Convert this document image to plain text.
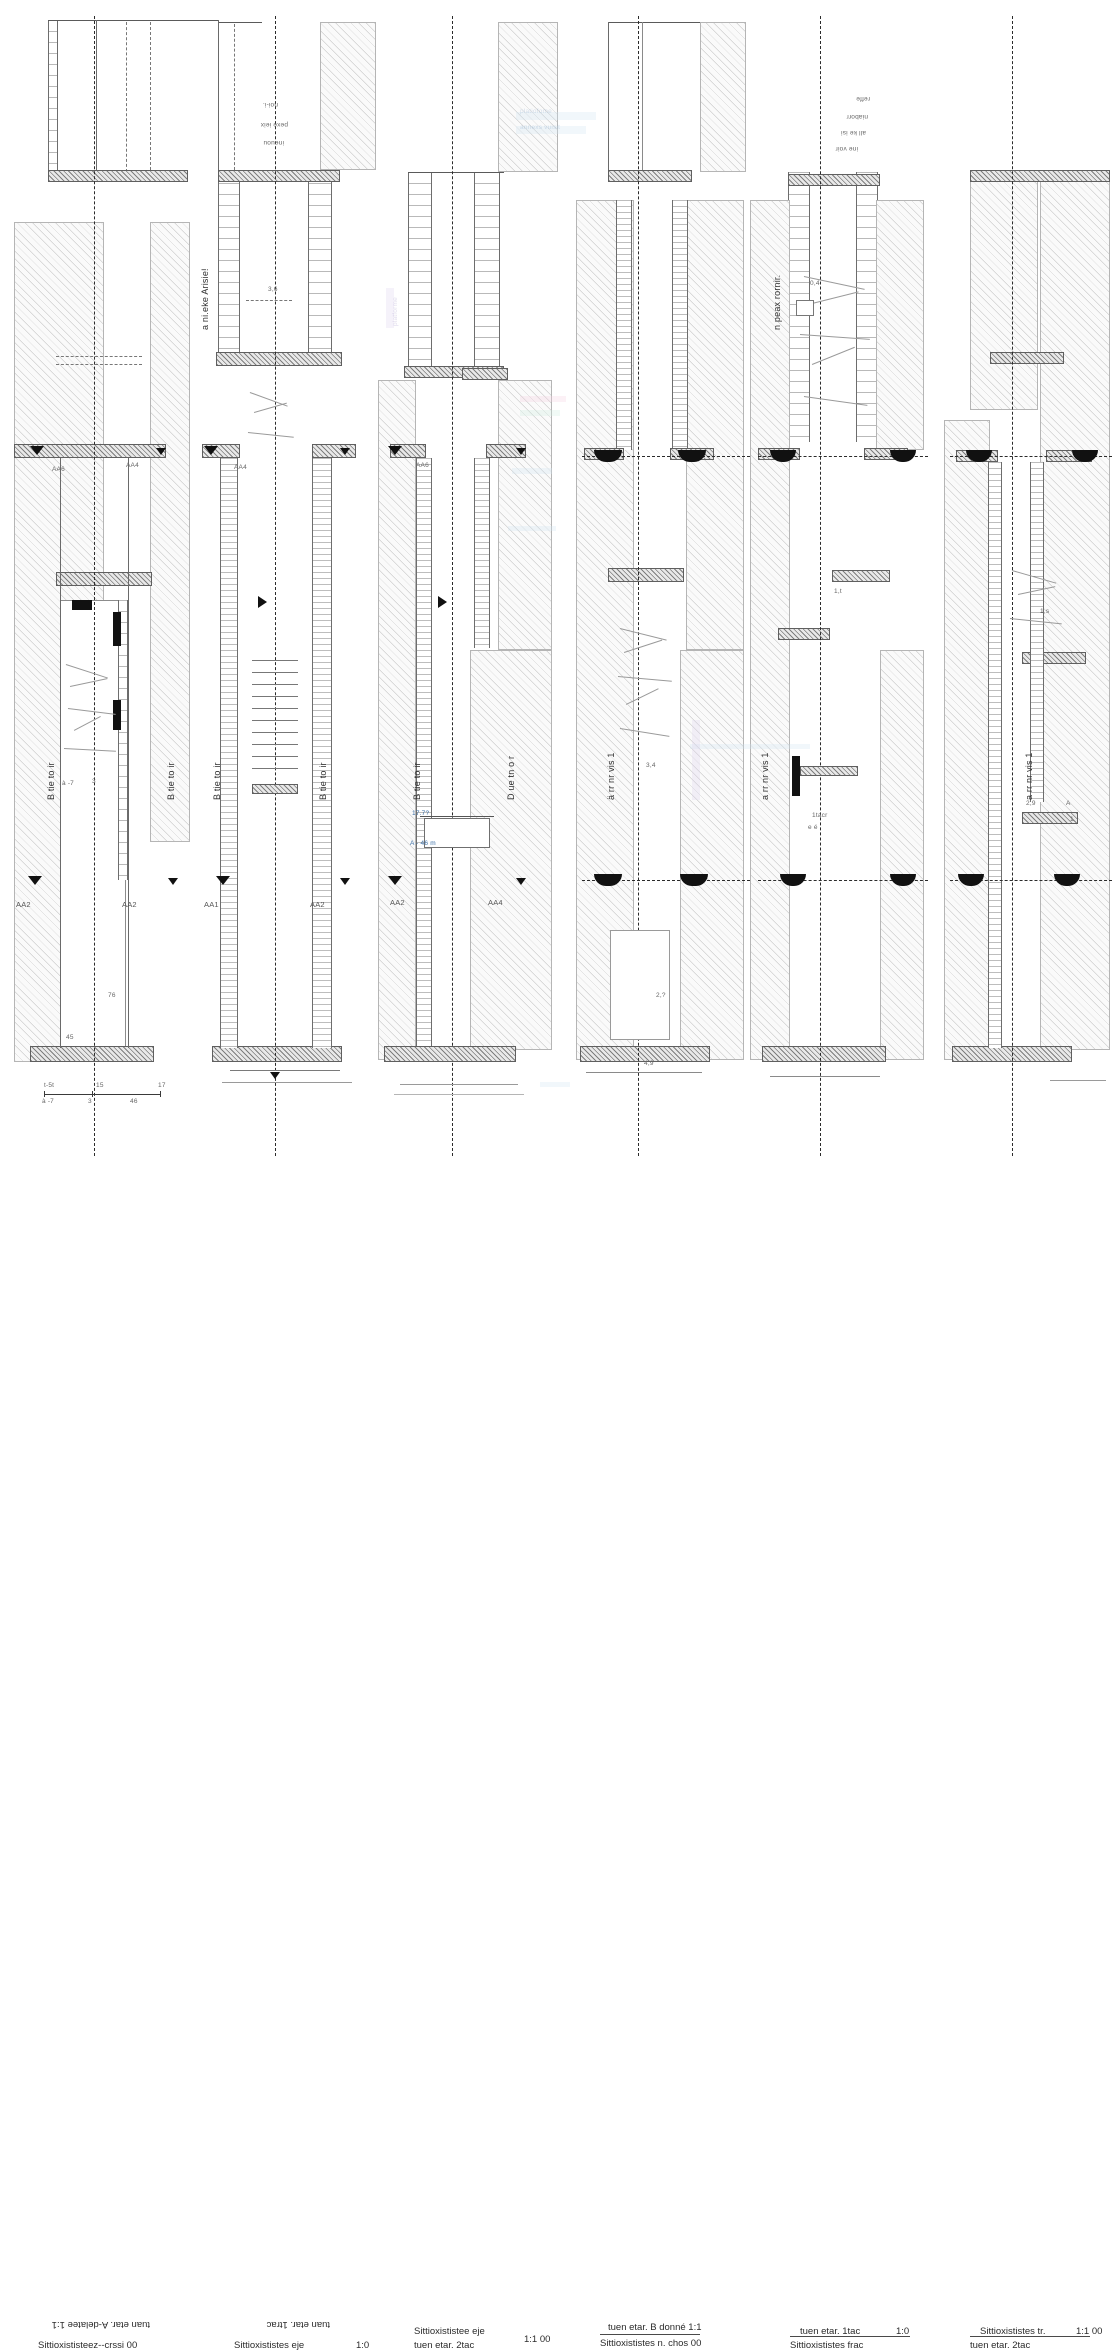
B tie to ir	B tie to ir
AA2	AA2
AA6
AA4
76
à -7	3
45
t-5t	15	17
à -7	3	46
B tie to ir	B tie to ir
a ni.eke Arisie!
noi-i.
pexe ieix
ineuou
AA1	AA2
AA4
3,6
B tie to ir	D ue tn o r
AA2	AA4
AA6
17.7?
A - 46 m
ä rr nr vis 1	3,4
2,?
4,9
a rr nr vis 1
n peax rornir.
reffe
niaborr
all ke isi
ine voir
1tacr
e é
0,4
1,t
a rr nr vis 1
A
1
2,9
1,s
platiofome
annexs vuisit
platforme
tuan etar. A-delatee 1:1
Sittioxististeez--crssi 00
tuan etar. 1trac
Sittioxististes eje	1:0
Sittioxististee eje
tuen etar. 2tac
1:1 00
tuen etar. B donné 1:1
Sittioxististes n. chos 00
tuen etar. 1tac	1:0
Sittioxististes frac
Sittioxististes tr.	1:1 00
tuen etar. 2tac
